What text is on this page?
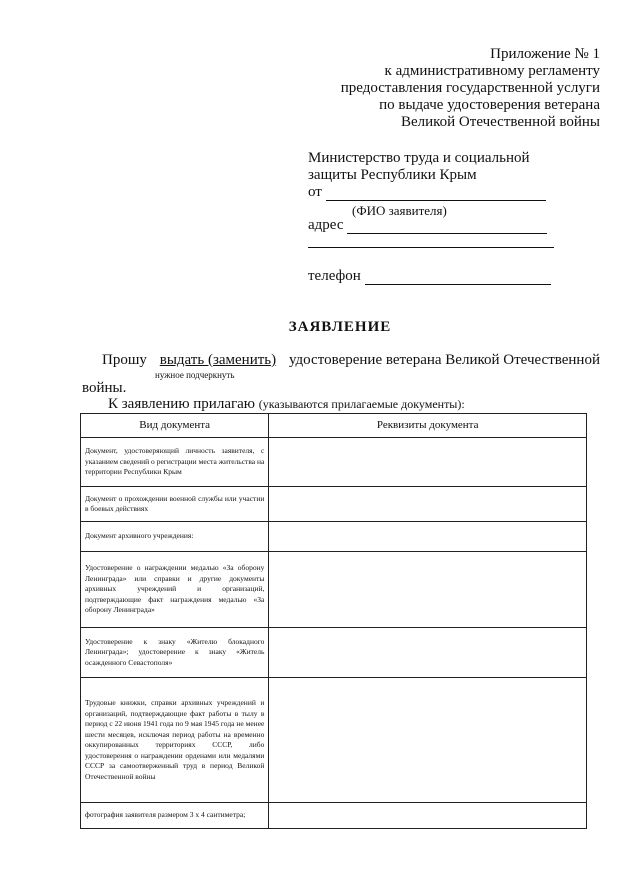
Приложение № 1
к административному регламенту
предоставления государственной услуги
по выдаче удостоверения ветерана
Великой Отечественной войны
Министерство труда и социальной
защиты Республики Крым
от
(ФИО заявителя)
адрес
телефон
ЗАЯВЛЕНИЕ
Прошу выдать (заменить) удостоверение ветерана Великой Отечественной
войны.
нужное подчеркнуть
К заявлению прилагаю (указываются прилагаемые документы):
Вид документа	Реквизиты документа
Документ, удостоверяющий личность заявителя, с указанием сведений о регистрации места жительства на территории Республики Крым	
Документ о прохождении военной службы или участии в боевых действиях	
Документ архивного учреждения:	
Удостоверение о награждении медалью «За оборону Ленинграда» или справки и другие документы архивных учреждений и организаций, подтверждающие факт награждения медалью «За оборону Ленинграда»	
Удостоверение к знаку «Жителю блокадного Ленинграда»; удостоверение к знаку «Житель осажденного Севастополя»	
Трудовые книжки, справки архивных учреждений и организаций, подтверждающие факт работы в тылу в период с 22 июня 1941 года по 9 мая 1945 года не менее шести месяцев, исключая период работы на временно оккупированных территориях СССР, либо удостоверения о награждении орденами или медалями СССР за самоотверженный труд в период Великой Отечественной войны	
фотография заявителя размером 3 х 4 сантиметра;	
